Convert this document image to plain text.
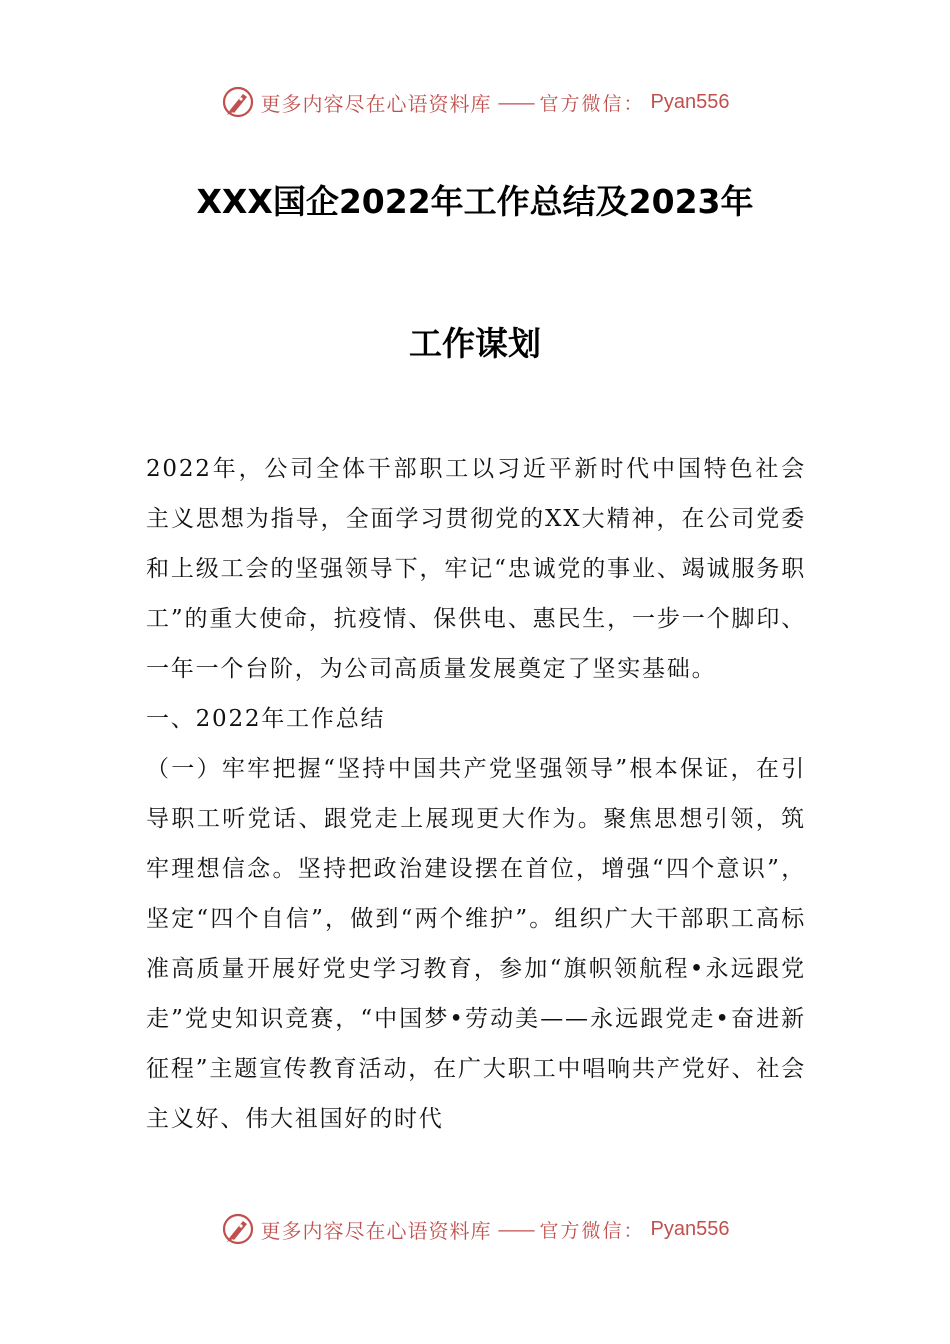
更多内容尽在心语资料库 —— 官方微信： Pyan556
XXX国企2022年工作总结及2023年
工作谋划

2022年，公司全体干部职工以习近平新时代中国特色社会主义思想为指导，全面学习贯彻党的XX大精神，在公司党委和上级工会的坚强领导下，牢记“忠诚党的事业、竭诚服务职工”的重大使命，抗疫情、保供电、惠民生，一步一个脚印、一年一个台阶，为公司高质量发展奠定了坚实基础。

一、2022年工作总结

（一）牢牢把握“坚持中国共产党坚强领导”根本保证，在引导职工听党话、跟党走上展现更大作为。聚焦思想引领，筑牢理想信念。坚持把政治建设摆在首位，增强“四个意识”，坚定“四个自信”，做到“两个维护”。组织广大干部职工高标准高质量开展好党史学习教育，参加“旗帜领航程•永远跟党走”党史知识竞赛，“中国梦•劳动美——永远跟党走•奋进新征程”主题宣传教育活动，在广大职工中唱响共产党好、社会主义好、伟大祖国好的时代

更多内容尽在心语资料库 —— 官方微信： Pyan556
